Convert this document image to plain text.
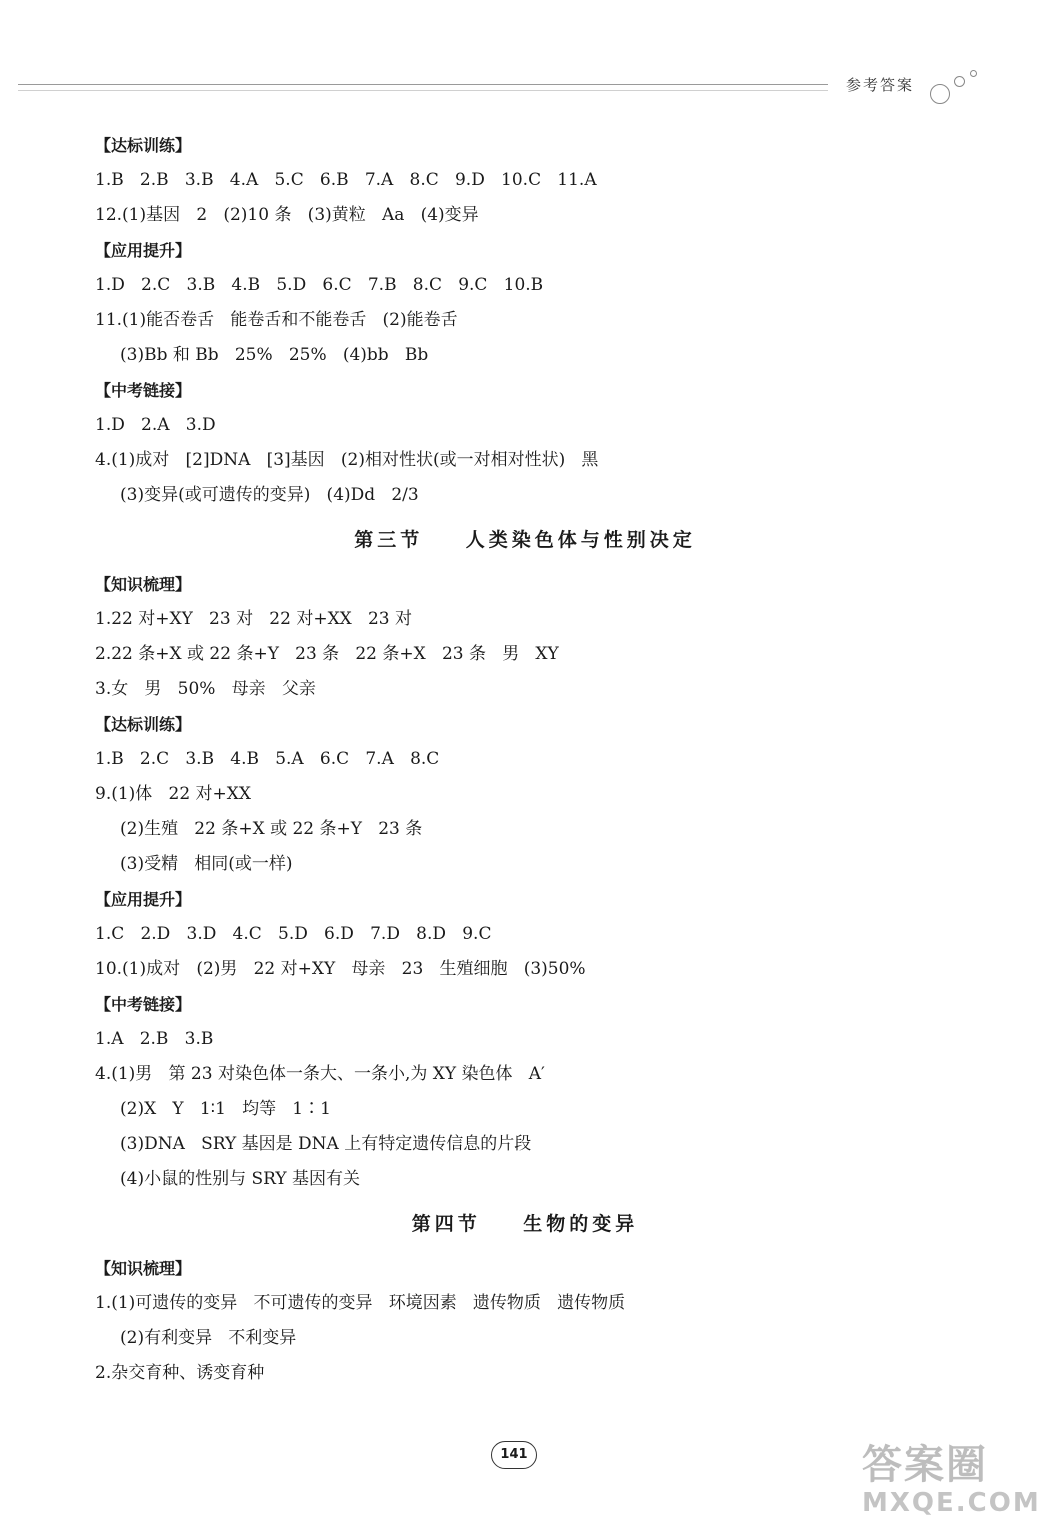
参考答案
【达标训练】
1.B   2.B   3.B   4.A   5.C   6.B   7.A   8.C   9.D   10.C   11.A
12.(1)基因   2   (2)10 条   (3)黄粒   Aa   (4)变异
【应用提升】
1.D   2.C   3.B   4.B   5.D   6.C   7.B   8.C   9.C   10.B
11.(1)能否卷舌   能卷舌和不能卷舌   (2)能卷舌
(3)Bb 和 Bb   25%   25%   (4)bb   Bb
【中考链接】
1.D   2.A   3.D
4.(1)成对   [2]DNA   [3]基因   (2)相对性状(或一对相对性状)   黑
(3)变异(或可遗传的变异)   (4)Dd   2/3
第三节    人类染色体与性别决定
【知识梳理】
1.22 对+XY   23 对   22 对+XX   23 对
2.22 条+X 或 22 条+Y   23 条   22 条+X   23 条   男   XY
3.女   男   50%   母亲   父亲
【达标训练】
1.B   2.C   3.B   4.B   5.A   6.C   7.A   8.C
9.(1)体   22 对+XX
(2)生殖   22 条+X 或 22 条+Y   23 条
(3)受精   相同(或一样)
【应用提升】
1.C   2.D   3.D   4.C   5.D   6.D   7.D   8.D   9.C
10.(1)成对   (2)男   22 对+XY   母亲   23   生殖细胞   (3)50%
【中考链接】
1.A   2.B   3.B
4.(1)男   第 23 对染色体一条大、一条小,为 XY 染色体   A′
(2)X   Y   1∶1   均等   1∶1
(3)DNA   SRY 基因是 DNA 上有特定遗传信息的片段
(4)小鼠的性别与 SRY 基因有关
第四节    生物的变异
【知识梳理】
1.(1)可遗传的变异   不可遗传的变异   环境因素   遗传物质   遗传物质
(2)有利变异   不利变异
2.杂交育种、诱变育种
141	答案圈
MXQE.COM
